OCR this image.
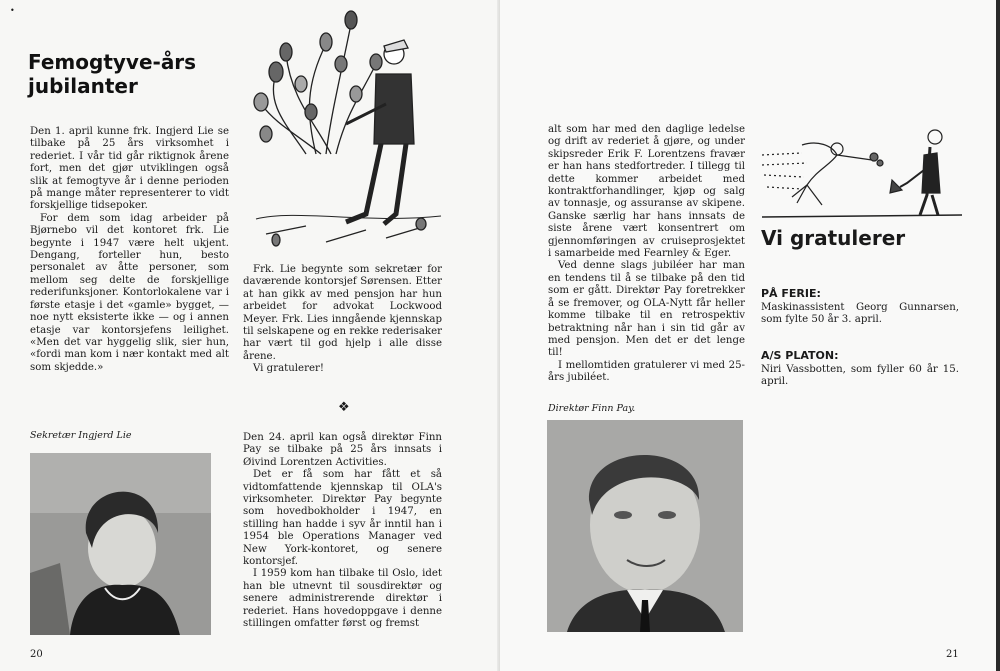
•
Femogtyve-års
jubilanter

Den 1. april kunne frk. Ingjerd Lie se tilbake på 25 års virksomhet i rederiet. I vår tid går riktignok årene fort, men det gjør utviklingen også slik at femogtyve år i denne perioden på mange måter representerer to vidt forskjellige tidsepoker.

For dem som idag arbeider på Bjørnebo vil det kontoret frk. Lie begynte i 1947 være helt ukjent. Dengang, forteller hun, besto personalet av åtte personer, som mellom seg delte de forskjellige rederifunksjoner. Kontorlokalene var i første etasje i det «gamle» bygget, — noe nytt eksisterte ikke — og i annen etasje var kontorsjefens leilighet. «Men det var hyggelig slik, sier hun, «fordi man kom i nær kontakt med alt som skjedde.»

Frk. Lie begynte som sekretær for daværende kontorsjef Sørensen. Etter at han gikk av med pensjon har hun arbeidet for advokat Lockwood Meyer. Frk. Lies inngående kjennskap til selskapene og en rekke rederisaker har vært til god hjelp i alle disse årene.

Vi gratulerer!

❖

Den 24. april kan også direktør Finn Pay se tilbake på 25 års innsats i Øivind Lorentzen Activities.

Det er få som har fått et så vidtomfattende kjennskap til OLA's virksomheter. Direktør Pay begynte som hovedbokholder i 1947, en stilling han hadde i syv år inntil han i 1954 ble Operations Manager ved New York-kontoret, og senere kontorsjef.

I 1959 kom han tilbake til Oslo, idet han ble utnevnt til sousdirektør og senere administrerende direktør i rederiet. Hans hovedoppgave i denne stillingen omfatter først og fremst

Sekretær Ingjerd Lie
20

alt som har med den daglige ledelse og drift av rederiet å gjøre, og under skipsreder Erik F. Lorentzens fravær er han hans stedfortreder. I tillegg til dette kommer arbeidet med kontraktforhandlinger, kjøp og salg av tonnasje, og assuranse av skipene. Ganske særlig har hans innsats de siste årene vært konsentrert om gjennomføringen av cruiseprosjektet i samarbeide med Fearnley & Eger.

Ved denne slags jubiléer har man en tendens til å se tilbake på den tid som er gått. Direktør Pay foretrekker å se fremover, og OLA-Nytt får heller komme tilbake til en retrospektiv betraktning når han i sin tid går av med pensjon. Men det er det lenge til!

I mellomtiden gratulerer vi med 25-års jubiléet.

Direktør Finn Pay.
Vi gratulerer
PÅ FERIE:
Maskinassistent Georg Gunnarsen, som fylte 50 år 3. april.
A/S PLATON:
Niri Vassbotten, som fyller 60 år 15. april.
21
